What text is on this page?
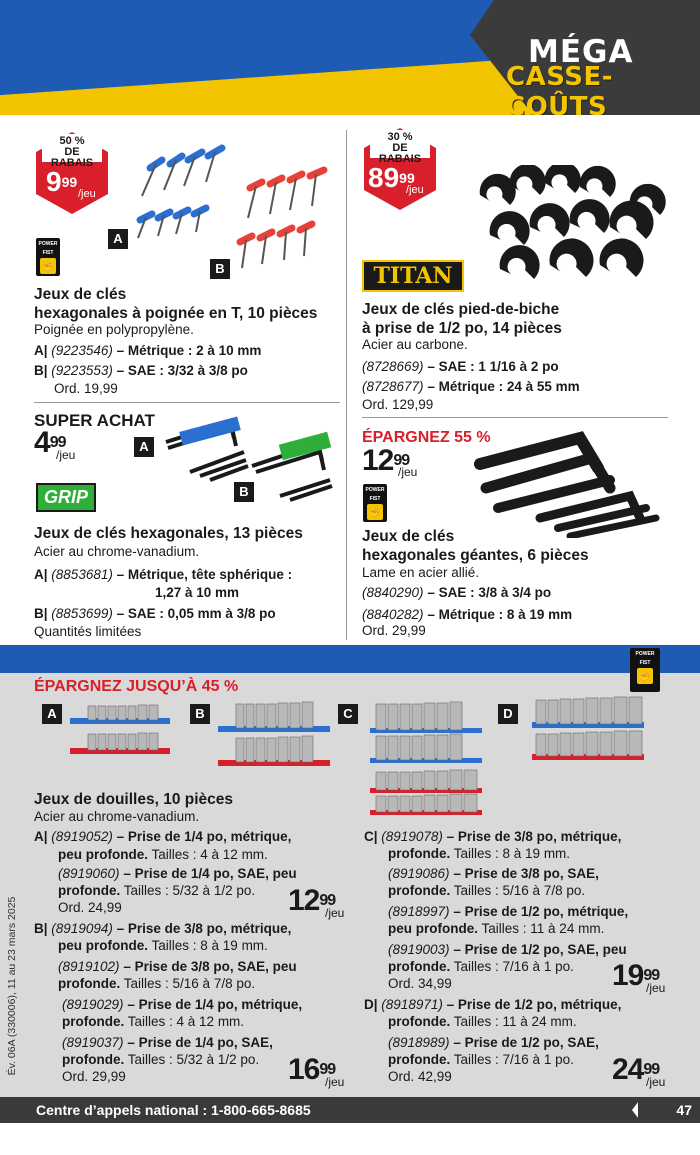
MÉGA
CASSE-COÛTS
50 %
DE RABAIS
$9^{99}$
/jeu
A
B
POWER
FIST
✊
Jeux de clés
hexagonales à poignée en T, 10 pièces
Poignée en polypropylène.
A| (9223546) – Métrique : 2 à 10 mm
B| (9223553) – SAE : 3/32 à 3/8 po
Ord. 19,99
30 %
DE RABAIS
$89^{99}$
/jeu
TITAN
Jeux de clés pied-de-biche
à prise de 1/2 po, 14 pièces
Acier au carbone.
(8728669) – SAE : 1 1/16 à 2 po
(8728677) – Métrique : 24 à 55 mm
Ord. 129,99
SUPER ACHAT
$4^{99}$
/jeu
A
B
GRIP
Jeux de clés hexagonales, 13 pièces
Acier au chrome-vanadium.
A| (8853681) – Métrique, tête sphérique :
1,27 à 10 mm
B| (8853699) – SAE : 0,05 mm à 3/8 po
Quantités limitées
ÉPARGNEZ 55 %
$12^{99}$
/jeu
POWER
FIST
✊
Jeux de clés
hexagonales géantes, 6 pièces
Lame en acier allié.
(8840290) – SAE : 3/8 à 3/4 po
(8840282) – Métrique : 8 à 19 mm
Ord. 29,99
POWER
FIST
✊
ÉPARGNEZ JUSQU’À 45 %
A	B	C	D
Jeux de douilles, 10 pièces
Acier au chrome-vanadium.
A| (8919052) – Prise de 1/4 po, métrique,
peu profonde. Tailles : 4 à 12 mm.
(8919060) – Prise de 1/4 po, SAE, peu
profonde. Tailles : 5/32 à 1/2 po.
Ord. 24,99	$12^{99}$
/jeu
B| (8919094) – Prise de 3/8 po, métrique,
peu profonde. Tailles : 8 à 19 mm.
(8919102) – Prise de 3/8 po, SAE, peu
profonde. Tailles : 5/16 à 7/8 po.
(8919029) – Prise de 1/4 po, métrique,
profonde. Tailles : 4 à 12 mm.
(8919037) – Prise de 1/4 po, SAE,
profonde. Tailles : 5/32 à 1/2 po.
Ord. 29,99	$16^{99}$
/jeu
C| (8919078) – Prise de 3/8 po, métrique,
profonde. Tailles : 8 à 19 mm.
(8919086) – Prise de 3/8 po, SAE,
profonde. Tailles : 5/16 à 7/8 po.
(8918997) – Prise de 1/2 po, métrique,
peu profonde. Tailles : 11 à 24 mm.
(8919003) – Prise de 1/2 po, SAE, peu
profonde. Tailles : 7/16 à 1 po.
Ord. 34,99	$19^{99}$
/jeu
D| (8918971) – Prise de 1/2 po, métrique,
profonde. Tailles : 11 à 24 mm.
(8918989) – Prise de 1/2 po, SAE,
profonde. Tailles : 7/16 à 1 po.
Ord. 42,99	$24^{99}$
/jeu
Év. 06A (330006), 11 au 23 mars 2025
Centre d’appels national : 1-800-665-8685	47
